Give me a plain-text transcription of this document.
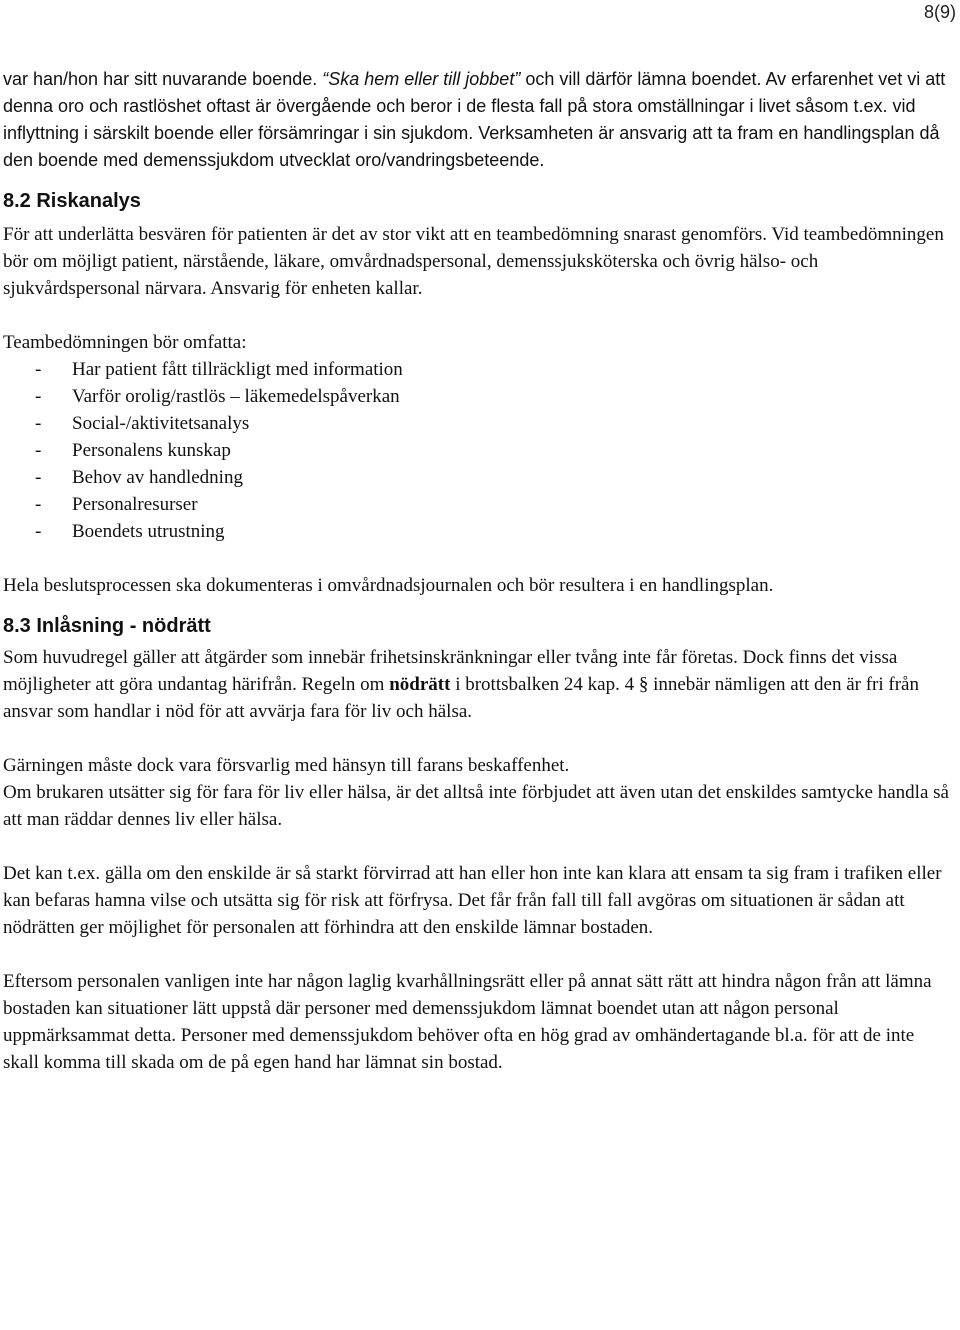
8(9)

var han/hon har sitt nuvarande boende. “Ska hem eller till jobbet” och vill därför lämna boendet. Av erfarenhet vet vi att denna oro och rastlöshet oftast är övergående och beror i de flesta fall på stora omställningar i livet såsom t.ex. vid inflyttning i särskilt boende eller försämringar i sin sjukdom. Verksamheten är ansvarig att ta fram en handlingsplan då den boende med demenssjukdom utvecklat oro/vandringsbeteende.

8.2 Riskanalys

För att underlätta besvären för patienten är det av stor vikt att en teambedömning snarast genomförs. Vid teambedömningen bör om möjligt patient, närstående, läkare, omvårdnadspersonal, demenssjuksköterska och övrig hälso- och sjukvårdspersonal närvara. Ansvarig för enheten kallar.

Teambedömningen bör omfatta:

-	Har patient fått tillräckligt med information
-	Varför orolig/rastlös – läkemedelspåverkan
-	Social-/aktivitetsanalys
-	Personalens kunskap
-	Behov av handledning
-	Personalresurser
-	Boendets utrustning

Hela beslutsprocessen ska dokumenteras i omvårdnadsjournalen och bör resultera i en handlingsplan.

8.3 Inlåsning - nödrätt

Som huvudregel gäller att åtgärder som innebär frihetsinskränkningar eller tvång inte får företas. Dock finns det vissa möjligheter att göra undantag härifrån. Regeln om nödrätt i brottsbalken 24 kap. 4 § innebär nämligen att den är fri från ansvar som handlar i nöd för att avvärja fara för liv och hälsa.

Gärningen måste dock vara försvarlig med hänsyn till farans beskaffenhet.

Om brukaren utsätter sig för fara för liv eller hälsa, är det alltså inte förbjudet att även utan det enskildes samtycke handla så att man räddar dennes liv eller hälsa.

Det kan t.ex. gälla om den enskilde är så starkt förvirrad att han eller hon inte kan klara att ensam ta sig fram i trafiken eller kan befaras hamna vilse och utsätta sig för risk att förfrysa. Det får från fall till fall avgöras om situationen är sådan att nödrätten ger möjlighet för personalen att förhindra att den enskilde lämnar bostaden.

Eftersom personalen vanligen inte har någon laglig kvarhållningsrätt eller på annat sätt rätt att hindra någon från att lämna bostaden kan situationer lätt uppstå där personer med demenssjukdom lämnat boendet utan att någon personal uppmärksammat detta. Personer med demenssjukdom behöver ofta en hög grad av omhändertagande bl.a. för att de inte skall komma till skada om de på egen hand har lämnat sin bostad.
